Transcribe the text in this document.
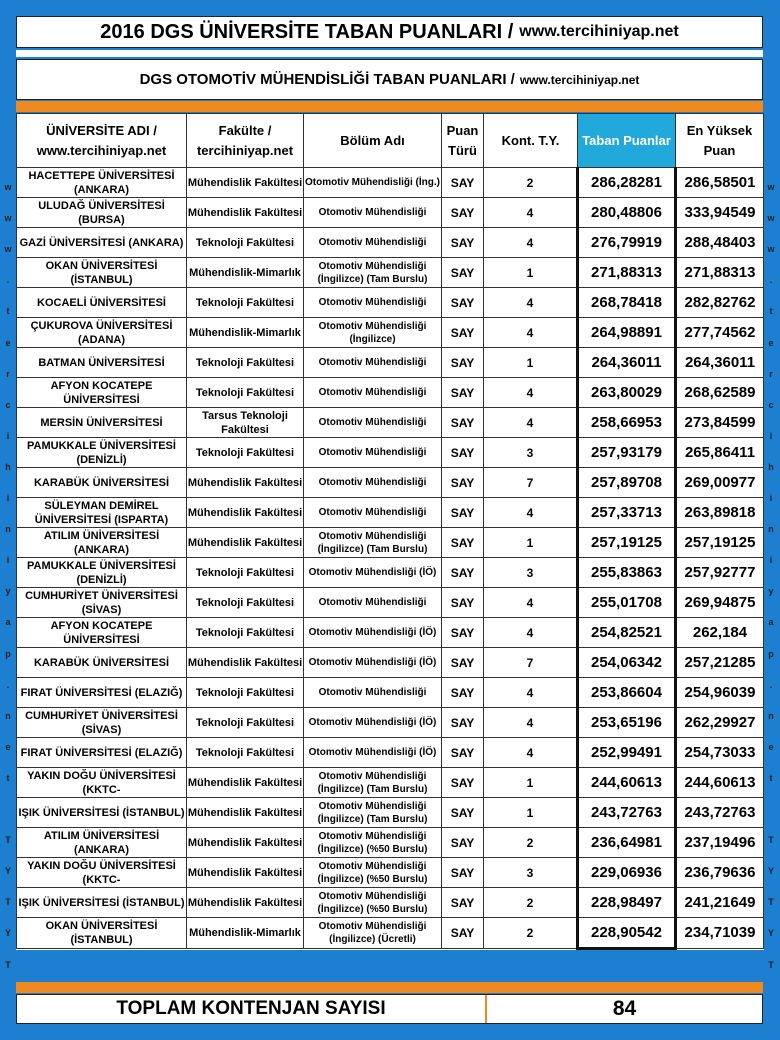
2016 DGS ÜNİVERSİTE TABAN PUANLARI / www.tercihiniyap.net
DGS OTOMOTİV MÜHENDİSLİĞİ TABAN PUANLARI / www.tercihiniyap.net
w
w
w
.
t
e
r
c
i
h
i
n
i
y
a
p
.
n
e
t
T
Y
T
Y
T
w
w
w
.
t
e
r
c
i
h
i
n
i
y
a
p
.
n
e
t
T
Y
T
Y
T
ÜNİVERSİTE ADI / www.tercihiniyap.net	Fakülte / tercihiniyap.net	Bölüm Adı	Puan Türü	Kont. T.Y.	Taban Puanlar	En Yüksek Puan
HACETTEPE ÜNİVERSİTESİ (ANKARA)	Mühendislik Fakültesi	Otomotiv Mühendisliği (İng.)	SAY	2	286,28281	286,58501
ULUDAĞ ÜNİVERSİTESİ (BURSA)	Mühendislik Fakültesi	Otomotiv Mühendisliği	SAY	4	280,48806	333,94549
GAZİ ÜNİVERSİTESİ (ANKARA)	Teknoloji Fakültesi	Otomotiv Mühendisliği	SAY	4	276,79919	288,48403
OKAN ÜNİVERSİTESİ (İSTANBUL)	Mühendislik-Mimarlık	Otomotiv Mühendisliği (İngilizce) (Tam Burslu)	SAY	1	271,88313	271,88313
KOCAELİ ÜNİVERSİTESİ	Teknoloji Fakültesi	Otomotiv Mühendisliği	SAY	4	268,78418	282,82762
ÇUKUROVA ÜNİVERSİTESİ (ADANA)	Mühendislik-Mimarlık	Otomotiv Mühendisliği (İngilizce)	SAY	4	264,98891	277,74562
BATMAN ÜNİVERSİTESİ	Teknoloji Fakültesi	Otomotiv Mühendisliği	SAY	1	264,36011	264,36011
AFYON KOCATEPE ÜNİVERSİTESİ	Teknoloji Fakültesi	Otomotiv Mühendisliği	SAY	4	263,80029	268,62589
MERSİN ÜNİVERSİTESİ	Tarsus Teknoloji Fakültesi	Otomotiv Mühendisliği	SAY	4	258,66953	273,84599
PAMUKKALE ÜNİVERSİTESİ (DENİZLİ)	Teknoloji Fakültesi	Otomotiv Mühendisliği	SAY	3	257,93179	265,86411
KARABÜK ÜNİVERSİTESİ	Mühendislik Fakültesi	Otomotiv Mühendisliği	SAY	7	257,89708	269,00977
SÜLEYMAN DEMİREL ÜNİVERSİTESİ (ISPARTA)	Mühendislik Fakültesi	Otomotiv Mühendisliği	SAY	4	257,33713	263,89818
ATILIM ÜNİVERSİTESİ (ANKARA)	Mühendislik Fakültesi	Otomotiv Mühendisliği (İngilizce) (Tam Burslu)	SAY	1	257,19125	257,19125
PAMUKKALE ÜNİVERSİTESİ (DENİZLİ)	Teknoloji Fakültesi	Otomotiv Mühendisliği (İÖ)	SAY	3	255,83863	257,92777
CUMHURİYET ÜNİVERSİTESİ (SİVAS)	Teknoloji Fakültesi	Otomotiv Mühendisliği	SAY	4	255,01708	269,94875
AFYON KOCATEPE ÜNİVERSİTESİ	Teknoloji Fakültesi	Otomotiv Mühendisliği (İÖ)	SAY	4	254,82521	262,184
KARABÜK ÜNİVERSİTESİ	Mühendislik Fakültesi	Otomotiv Mühendisliği (İÖ)	SAY	7	254,06342	257,21285
FIRAT ÜNİVERSİTESİ (ELAZIĞ)	Teknoloji Fakültesi	Otomotiv Mühendisliği	SAY	4	253,86604	254,96039
CUMHURİYET ÜNİVERSİTESİ (SİVAS)	Teknoloji Fakültesi	Otomotiv Mühendisliği (İÖ)	SAY	4	253,65196	262,29927
FIRAT ÜNİVERSİTESİ (ELAZIĞ)	Teknoloji Fakültesi	Otomotiv Mühendisliği (İÖ)	SAY	4	252,99491	254,73033
YAKIN DOĞU ÜNİVERSİTESİ (KKTC-	Mühendislik Fakültesi	Otomotiv Mühendisliği (İngilizce) (Tam Burslu)	SAY	1	244,60613	244,60613
IŞIK ÜNİVERSİTESİ (İSTANBUL)	Mühendislik Fakültesi	Otomotiv Mühendisliği (İngilizce) (Tam Burslu)	SAY	1	243,72763	243,72763
ATILIM ÜNİVERSİTESİ (ANKARA)	Mühendislik Fakültesi	Otomotiv Mühendisliği (İngilizce) (%50 Burslu)	SAY	2	236,64981	237,19496
YAKIN DOĞU ÜNİVERSİTESİ (KKTC-	Mühendislik Fakültesi	Otomotiv Mühendisliği (İngilizce) (%50 Burslu)	SAY	3	229,06936	236,79636
IŞIK ÜNİVERSİTESİ (İSTANBUL)	Mühendislik Fakültesi	Otomotiv Mühendisliği (İngilizce) (%50 Burslu)	SAY	2	228,98497	241,21649
OKAN ÜNİVERSİTESİ (İSTANBUL)	Mühendislik-Mimarlık	Otomotiv Mühendisliği (İngilizce) (Ücretli)	SAY	2	228,90542	234,71039
TOPLAM KONTENJAN SAYISI	84
